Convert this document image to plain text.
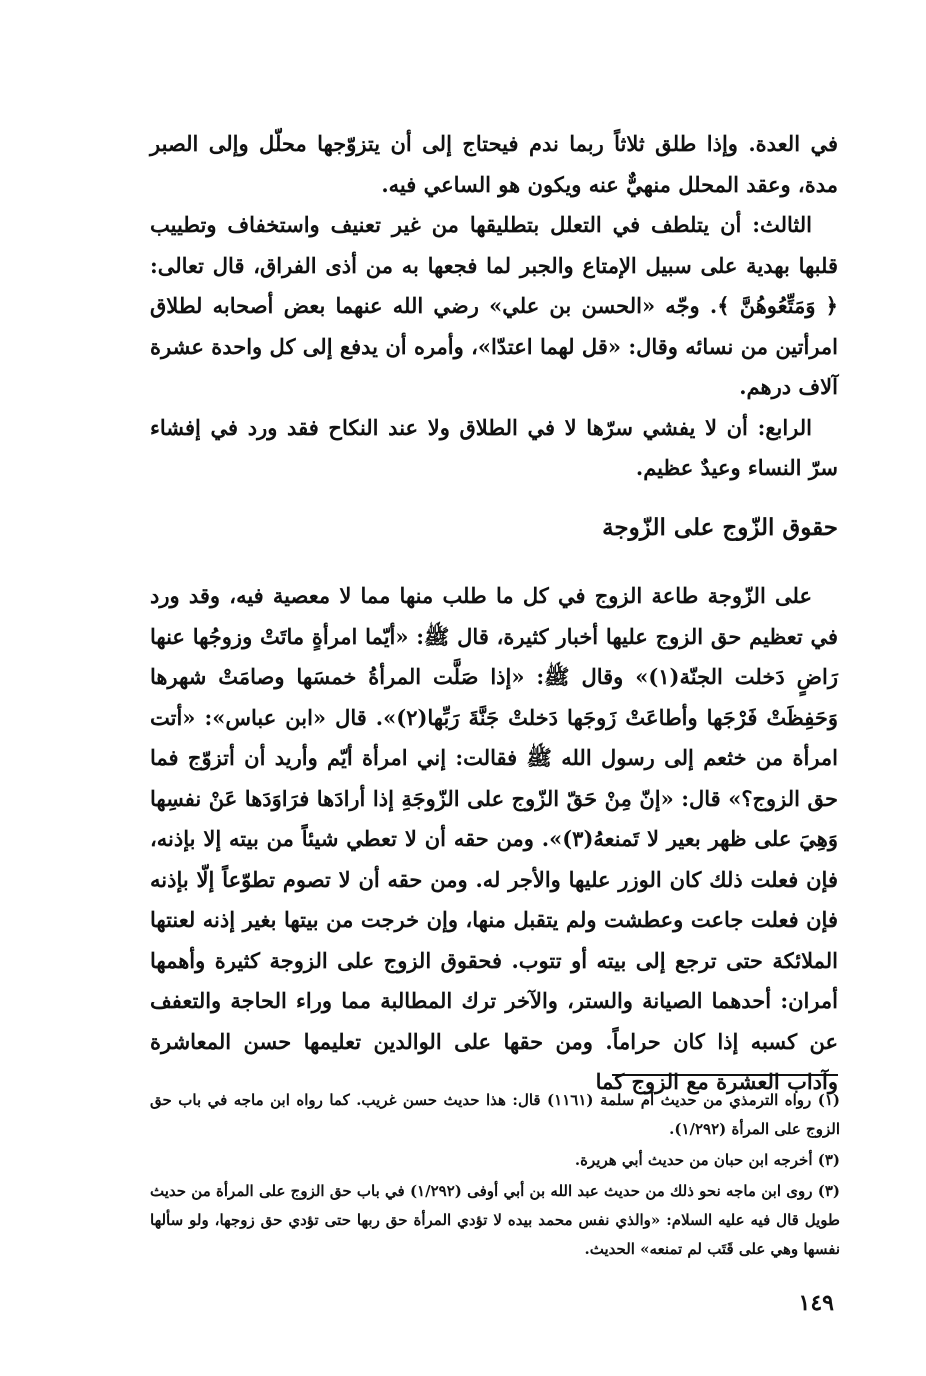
في العدة. وإذا طلق ثلاثاً ربما ندم فيحتاج إلى أن يتزوّجها محلّل وإلى الصبر مدة، وعقد المحلل منهيٌّ عنه ويكون هو الساعي فيه.

الثالث: أن يتلطف في التعلل بتطليقها من غير تعنيف واستخفاف وتطييب قلبها بهدية على سبيل الإمتاع والجبر لما فجعها به من أذى الفراق، قال تعالى: ﴿ وَمَتِّعُوهُنَّ ﴾. وجّه «الحسن بن علي» رضي الله عنهما بعض أصحابه لطلاق امرأتين من نسائه وقال: «قل لهما اعتدّا»، وأمره أن يدفع إلى كل واحدة عشرة آلاف درهم.

الرابع: أن لا يفشي سرّها لا في الطلاق ولا عند النكاح فقد ورد في إفشاء سرّ النساء وعيدٌ عظيم.

حقوق الزّوج على الزّوجة

على الزّوجة طاعة الزوج في كل ما طلب منها مما لا معصية فيه، وقد ورد في تعظيم حق الزوج عليها أخبار كثيرة، قال ﷺ: «أيّما امرأةٍ ماتَتْ وزوجُها عنها رَاضٍ دَخلت الجنّة(١)» وقال ﷺ: «إذا صَلَّت المرأةُ خمسَها وصامَتْ شهرها وَحَفِظَتْ فَرْجَها وأطاعَتْ زَوجَها دَخلتْ جَنَّةَ رَبِّها(٢)». قال «ابن عباس»: «أتت امرأة من خثعم إلى رسول الله ﷺ فقالت: إني امرأة أيّم وأريد أن أتزوّج فما حق الزوج؟» قال: «إنّ مِنْ حَقّ الزّوج على الزّوجَةِ إذا أرادَها فرَاوَدَها عَنْ نفسِها وَهِيَ على ظهر بعير لا تَمنعهُ(٣)». ومن حقه أن لا تعطي شيئاً من بيته إلا بإذنه، فإن فعلت ذلك كان الوزر عليها والأجر له. ومن حقه أن لا تصوم تطوّعاً إلّا بإذنه فإن فعلت جاعت وعطشت ولم يتقبل منها، وإن خرجت من بيتها بغير إذنه لعنتها الملائكة حتى ترجع إلى بيته أو تتوب. فحقوق الزوج على الزوجة كثيرة وأهمها أمران: أحدهما الصيانة والستر، والآخر ترك المطالبة مما وراء الحاجة والتعفف عن كسبه إذا كان حراماً. ومن حقها على الوالدين تعليمها حسن المعاشرة وآداب العشرة مع الزوج كما

(١) رواه الترمذي من حديث أم سلمة (١١٦١) قال: هذا حديث حسن غريب. كما رواه ابن ماجه في باب حق الزوج على المرأة (١/٢٩٢).

(٣) أخرجه ابن حبان من حديث أبي هريرة.

(٣) روى ابن ماجه نحو ذلك من حديث عبد الله بن أبي أوفى (١/٢٩٢) في باب حق الزوج على المرأة من حديث طويل قال فيه عليه السلام: «والذي نفس محمد بيده لا تؤدي المرأة حق ربها حتى تؤدي حق زوجها، ولو سألها نفسها وهي على قَتَب لم تمنعه» الحديث.

١٤٩
